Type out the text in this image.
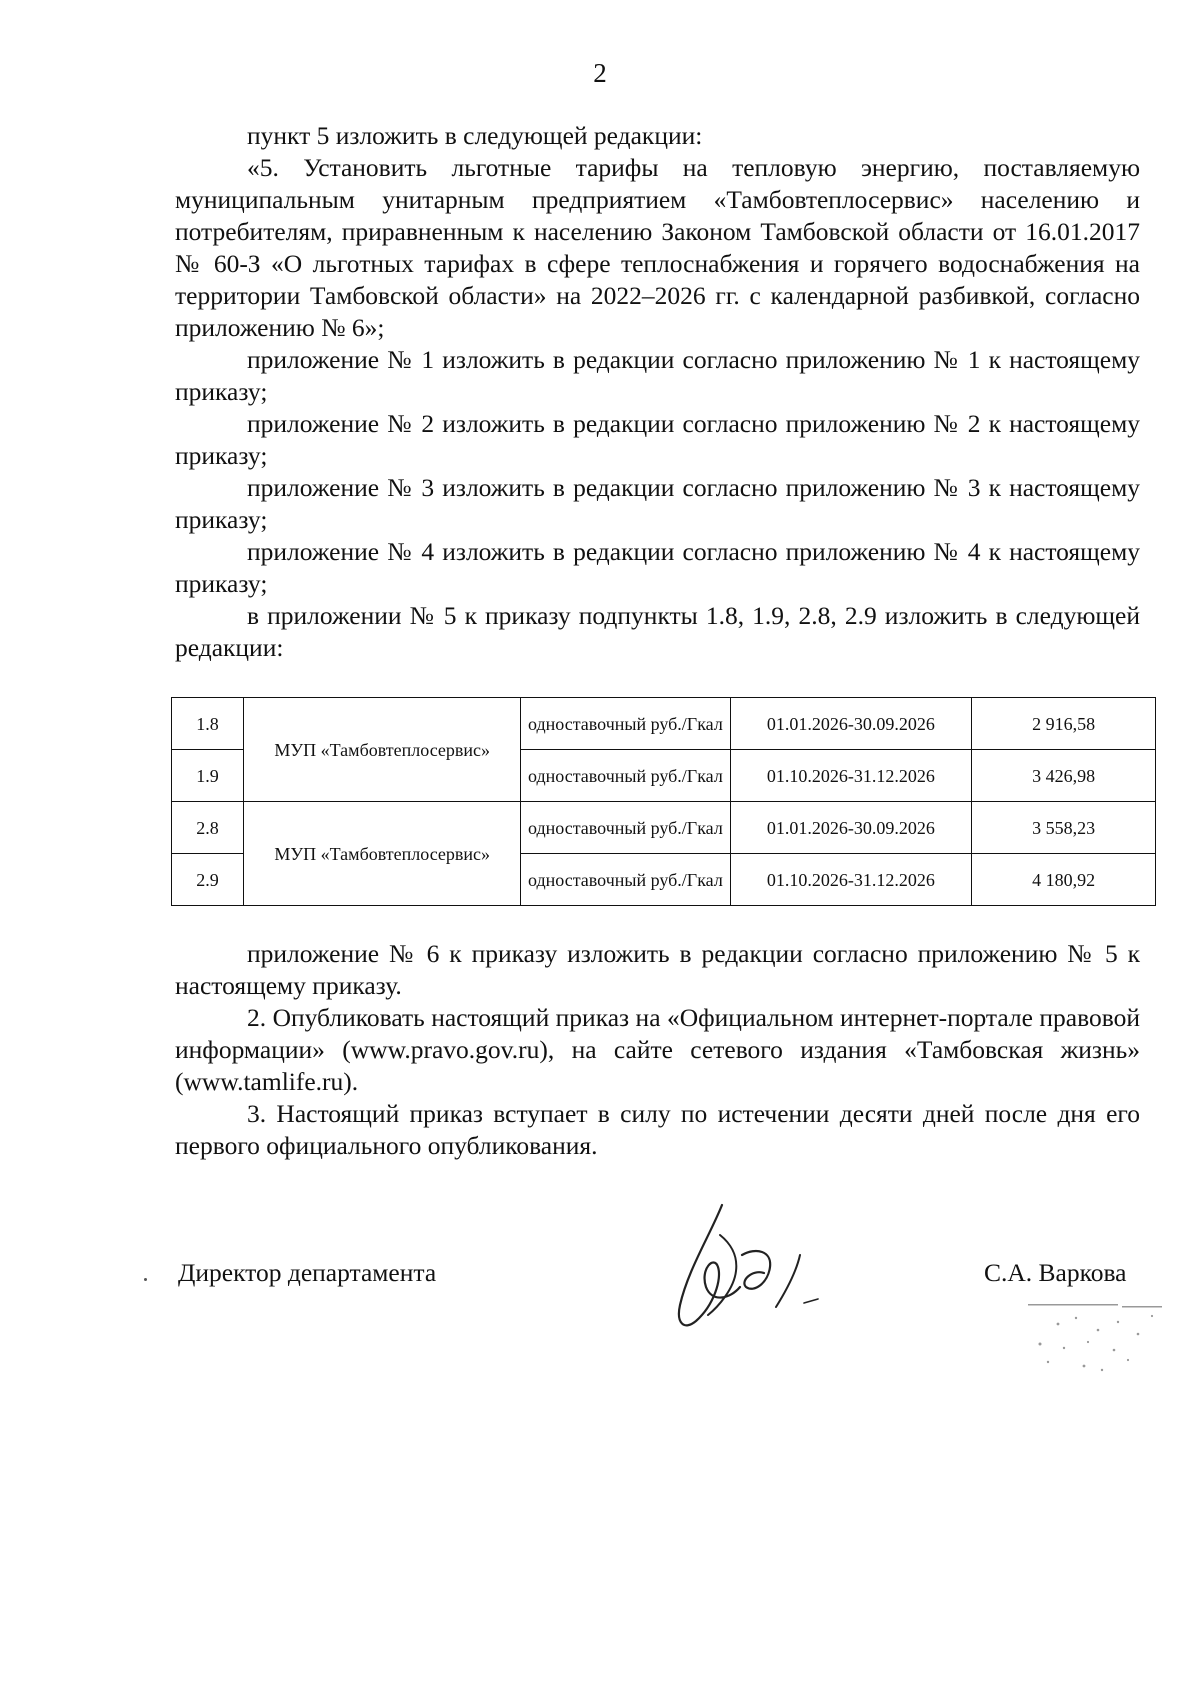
2

пункт 5 изложить в следующей редакции:

«5. Установить льготные тарифы на тепловую энергию, поставляемую муниципальным унитарным предприятием «Тамбовтеплосервис» населению и потребителям, приравненным к населению Законом Тамбовской области от 16.01.2017 № 60-З «О льготных тарифах в сфере теплоснабжения и горячего водоснабжения на территории Тамбовской области» на 2022–2026 гг. с календарной разбивкой, согласно приложению № 6»;

приложение № 1 изложить в редакции согласно приложению № 1 к настоящему приказу;

приложение № 2 изложить в редакции согласно приложению № 2 к настоящему приказу;

приложение № 3 изложить в редакции согласно приложению № 3 к настоящему приказу;

приложение № 4 изложить в редакции согласно приложению № 4 к настоящему приказу;

в приложении № 5 к приказу подпункты 1.8, 1.9, 2.8, 2.9 изложить в следующей редакции:

1.8	МУП «Тамбовтеплосервис»	одноставочный руб./Гкал	01.01.2026-30.09.2026	2 916,58
1.9		одноставочный руб./Гкал	01.10.2026-31.12.2026	3 426,98
2.8	МУП «Тамбовтеплосервис»	одноставочный руб./Гкал	01.01.2026-30.09.2026	3 558,23
2.9		одноставочный руб./Гкал	01.10.2026-31.12.2026	4 180,92

приложение № 6 к приказу изложить в редакции согласно приложению № 5 к настоящему приказу.

2. Опубликовать настоящий приказ на «Официальном интернет-портале правовой информации» (www.pravo.gov.ru), на сайте сетевого издания «Тамбовская жизнь» (www.tamlife.ru).

3. Настоящий приказ вступает в силу по истечении десяти дней после дня его первого официального опубликования.

Директор департамента	С.А. Варкова
